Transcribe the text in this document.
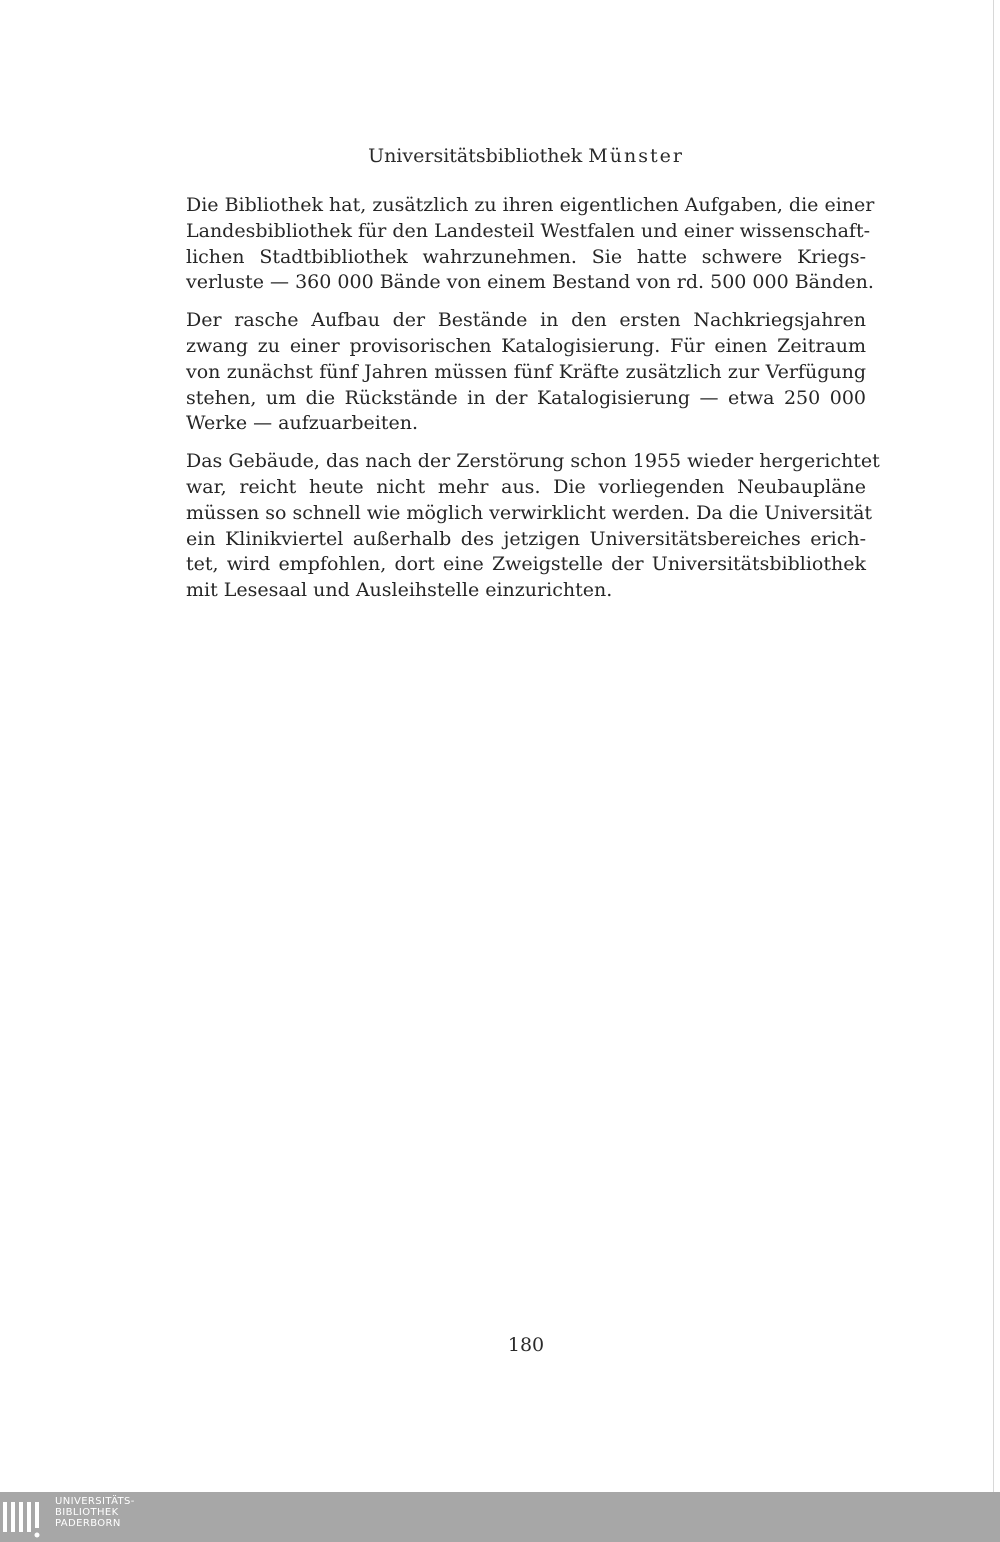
Universitätsbibliothek Münster

Die Bibliothek hat, zusätzlich zu ihren eigentlichen Aufgaben, die einer
Landesbibliothek für den Landesteil Westfalen und einer wissenschaft-
lichen Stadtbibliothek wahrzunehmen. Sie hatte schwere Kriegs-
verluste — 360 000 Bände von einem Bestand von rd. 500 000 Bänden.

Der rasche Aufbau der Bestände in den ersten Nachkriegsjahren
zwang zu einer provisorischen Katalogisierung. Für einen Zeitraum
von zunächst fünf Jahren müssen fünf Kräfte zusätzlich zur Verfügung
stehen, um die Rückstände in der Katalogisierung — etwa 250 000
Werke — aufzuarbeiten.

Das Gebäude, das nach der Zerstörung schon 1955 wieder hergerichtet
war, reicht heute nicht mehr aus. Die vorliegenden Neubaupläne
müssen so schnell wie möglich verwirklicht werden. Da die Universität
ein Klinikviertel außerhalb des jetzigen Universitätsbereiches erich-
tet, wird empfohlen, dort eine Zweigstelle der Universitätsbibliothek
mit Lesesaal und Ausleihstelle einzurichten.

180
UNIVERSITÄTS-
BIBLIOTHEK
PADERBORN
